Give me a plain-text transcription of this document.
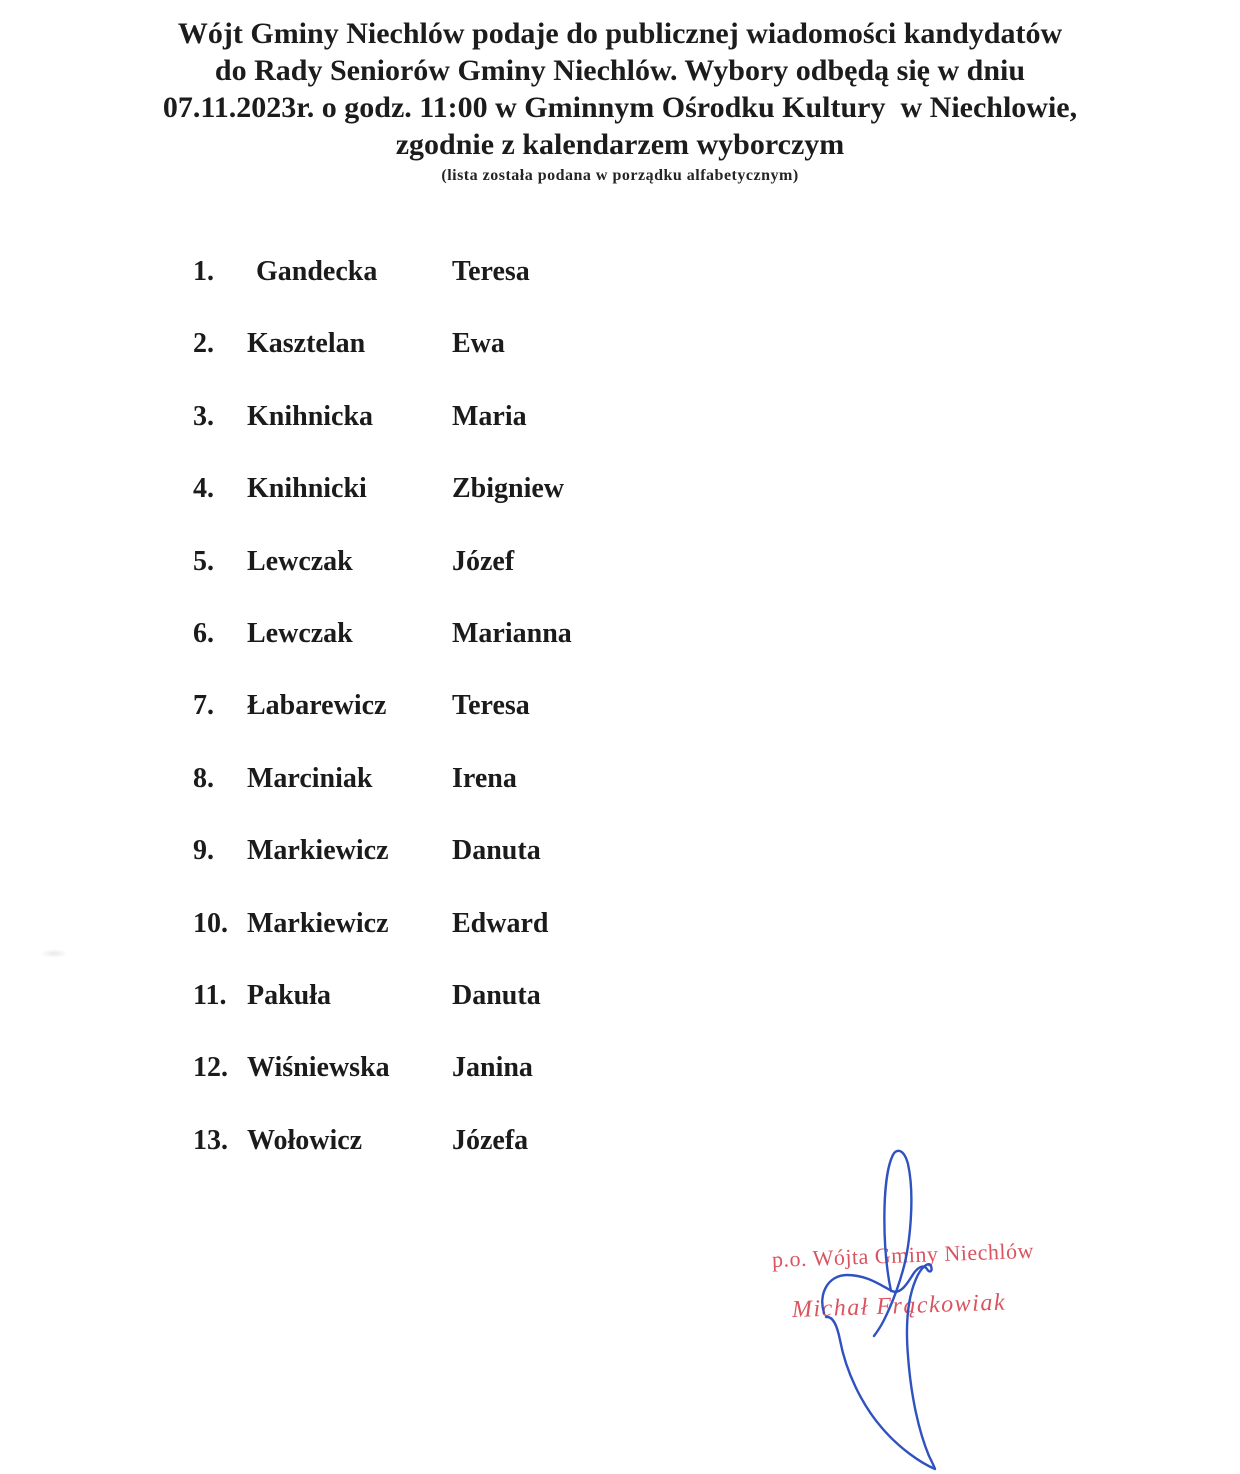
Wójt Gminy Niechlów podaje do publicznej wiadomości kandydatów
do Rady Seniorów Gminy Niechlów. Wybory odbędą się w dniu
07.11.2023r. o godz. 11:00 w Gminnym Ośrodku Kultury  w Niechlowie,
zgodnie z kalendarzem wyborczym
(lista została podana w porządku alfabetycznym)
1.	Gandecka	Teresa
2.	Kasztelan	Ewa
3.	Knihnicka	Maria
4.	Knihnicki	Zbigniew
5.	Lewczak	Józef
6.	Lewczak	Marianna
7.	Łabarewicz	Teresa
8.	Marciniak	Irena
9.	Markiewicz	Danuta
10. Markiewicz	Edward
11. Pakuła	Danuta
12. Wiśniewska	Janina
13. Wołowicz	Józefa
p.o. Wójta Gminy Niechlów
Michał Frąckowiak
